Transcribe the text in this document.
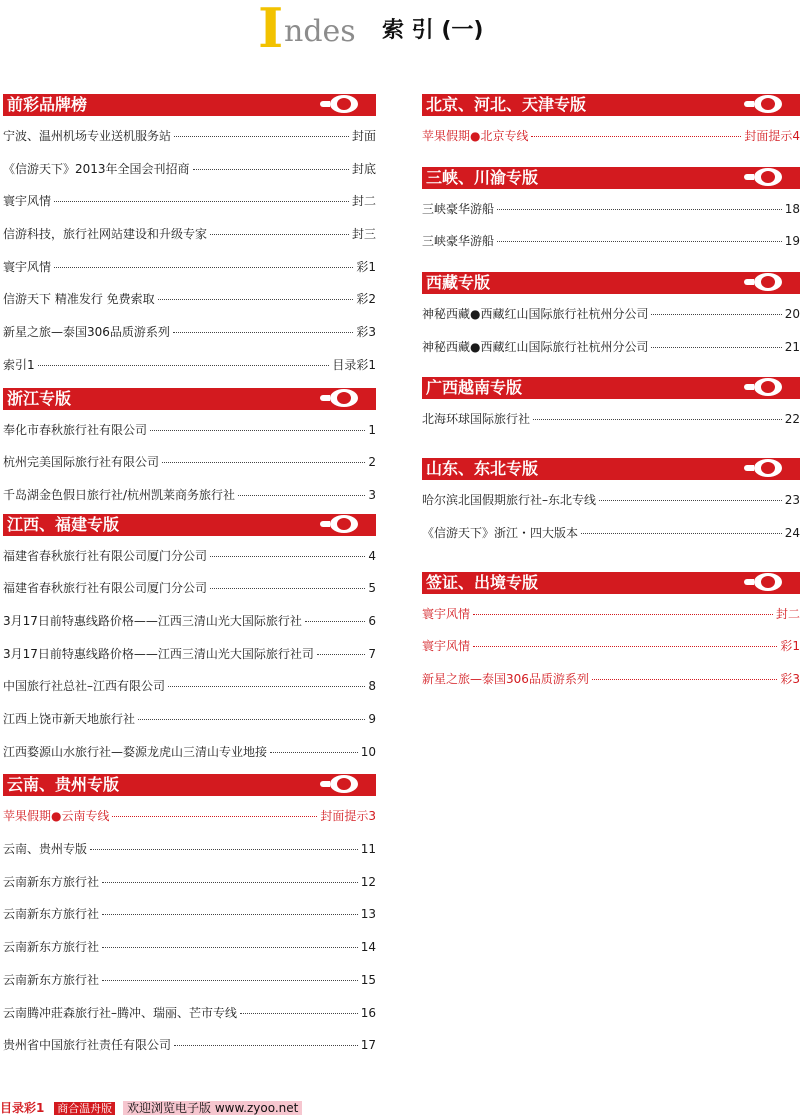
I ndes 索 引 (一)
前彩品牌榜
宁波、温州机场专业送机服务站	封面
《信游天下》2013年全国会刊招商	封底
寰宇风情	封二
信游科技，旅行社网站建设和升级专家	封三
寰宇风情	彩1
信游天下 精准发行 免费索取	彩2
新星之旅—泰国306品质游系列	彩3
索引1	目录彩1
浙江专版
奉化市春秋旅行社有限公司	1
杭州完美国际旅行社有限公司	2
千岛湖金色假日旅行社/杭州凯莱商务旅行社	3
江西、福建专版
福建省春秋旅行社有限公司厦门分公司	4
福建省春秋旅行社有限公司厦门分公司	5
3月17日前特惠线路价格——江西三清山光大国际旅行社	6
3月17日前特惠线路价格——江西三清山光大国际旅行社司	7
中国旅行社总社–江西有限公司	8
江西上饶市新天地旅行社	9
江西婺源山水旅行社—婺源龙虎山三清山专业地接	10
云南、贵州专版
苹果假期●云南专线	封面提示3
云南、贵州专版	11
云南新东方旅行社	12
云南新东方旅行社	13
云南新东方旅行社	14
云南新东方旅行社	15
云南腾冲莊森旅行社–腾冲、瑞丽、芒市专线	16
贵州省中国旅行社责任有限公司	17
北京、河北、天津专版
苹果假期●北京专线	封面提示4
三峡、川渝专版
三峡豪华游船	18
三峡豪华游船	19
西藏专版
神秘西藏●西藏红山国际旅行社杭州分公司	20
神秘西藏●西藏红山国际旅行社杭州分公司	21
广西越南专版
北海环球国际旅行社	22
山东、东北专版
哈尔滨北国假期旅行社–东北专线	23
《信游天下》浙江・四大版本	24
签证、出境专版
寰宇风情	封二
寰宇风情	彩1
新星之旅—泰国306品质游系列	彩3
目录彩1 商合温舟版 欢迎浏览电子版 www.zyoo.net
